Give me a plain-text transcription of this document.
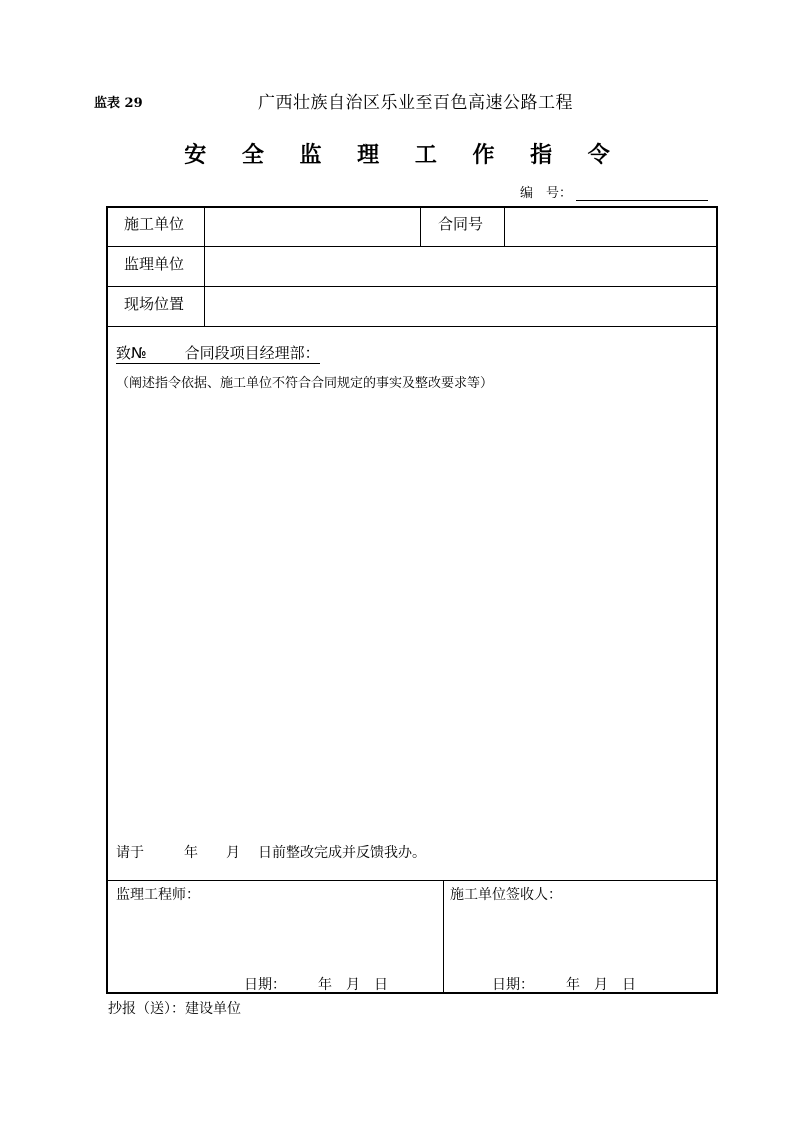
监表 29	广西壮族自治区乐业至百色高速公路工程
安 全 监 理 工 作 指 令
编　号：
施工单位	合同号
监理单位
现场位置
致№	合同段项目经理部：
（阐述指令依据、施工单位不符合合同规定的事实及整改要求等）
请于	年 月 日前整改完成并反馈我办。
监理工程师：	施工单位签收人：
日期： 年 月 日	日期： 年 月 日
抄报（送）：建设单位
